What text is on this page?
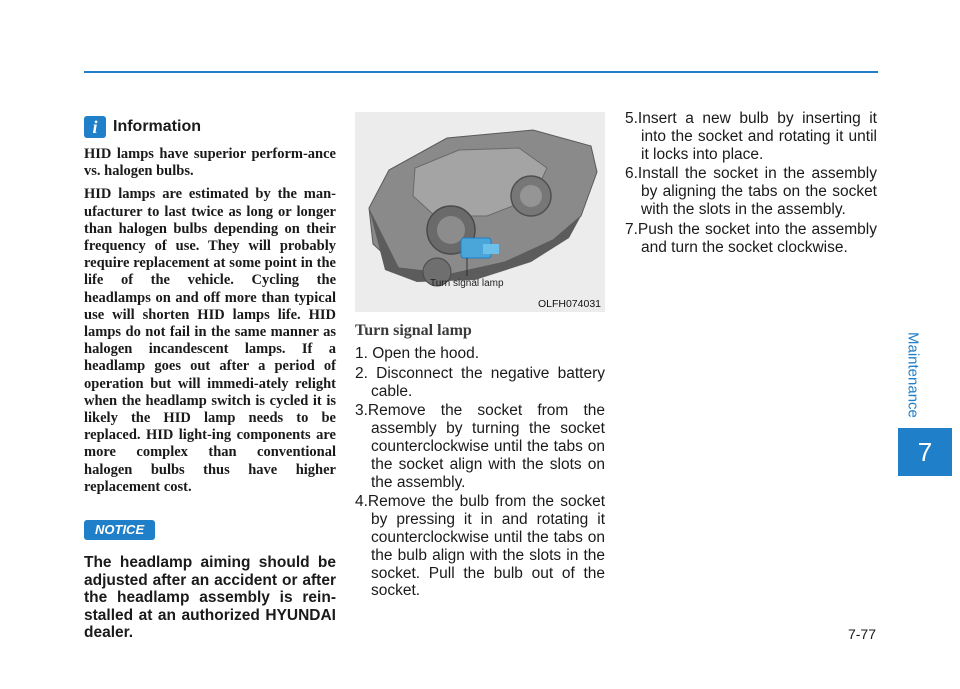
Maintenance
7
i Information

HID lamps have superior perform-ance vs. halogen bulbs.

HID lamps are estimated by the man-ufacturer to last twice as long or longer than halogen bulbs depending on their frequency of use. They will probably require replacement at some point in the life of the vehicle. Cycling the headlamps on and off more than typical use will shorten HID lamps life. HID lamps do not fail in the same manner as halogen incandescent lamps. If a headlamp goes out after a period of operation but will immedi-ately relight when the headlamp switch is cycled it is likely the HID lamp needs to be replaced. HID light-ing components are more complex than conventional halogen bulbs thus have higher replacement cost.

NOTICE
The headlamp aiming should be adjusted after an accident or after the headlamp assembly is rein-stalled at an authorized HYUNDAI dealer.
Turn signal lamp
OLFH074031
Turn signal lamp
1. Open the hood.
2. Disconnect the negative battery cable.
3.Remove the socket from the assembly by turning the socket counterclockwise until the tabs on the socket align with the slots on the assembly.
4.Remove the bulb from the socket by pressing it in and rotating it counterclockwise until the tabs on the bulb align with the slots in the socket. Pull the bulb out of the socket.
5.Insert a new bulb by inserting it into the socket and rotating it until it locks into place.
6.Install the socket in the assembly by aligning the tabs on the socket with the slots in the assembly.
7.Push the socket into the assembly and turn the socket clockwise.
7-77
